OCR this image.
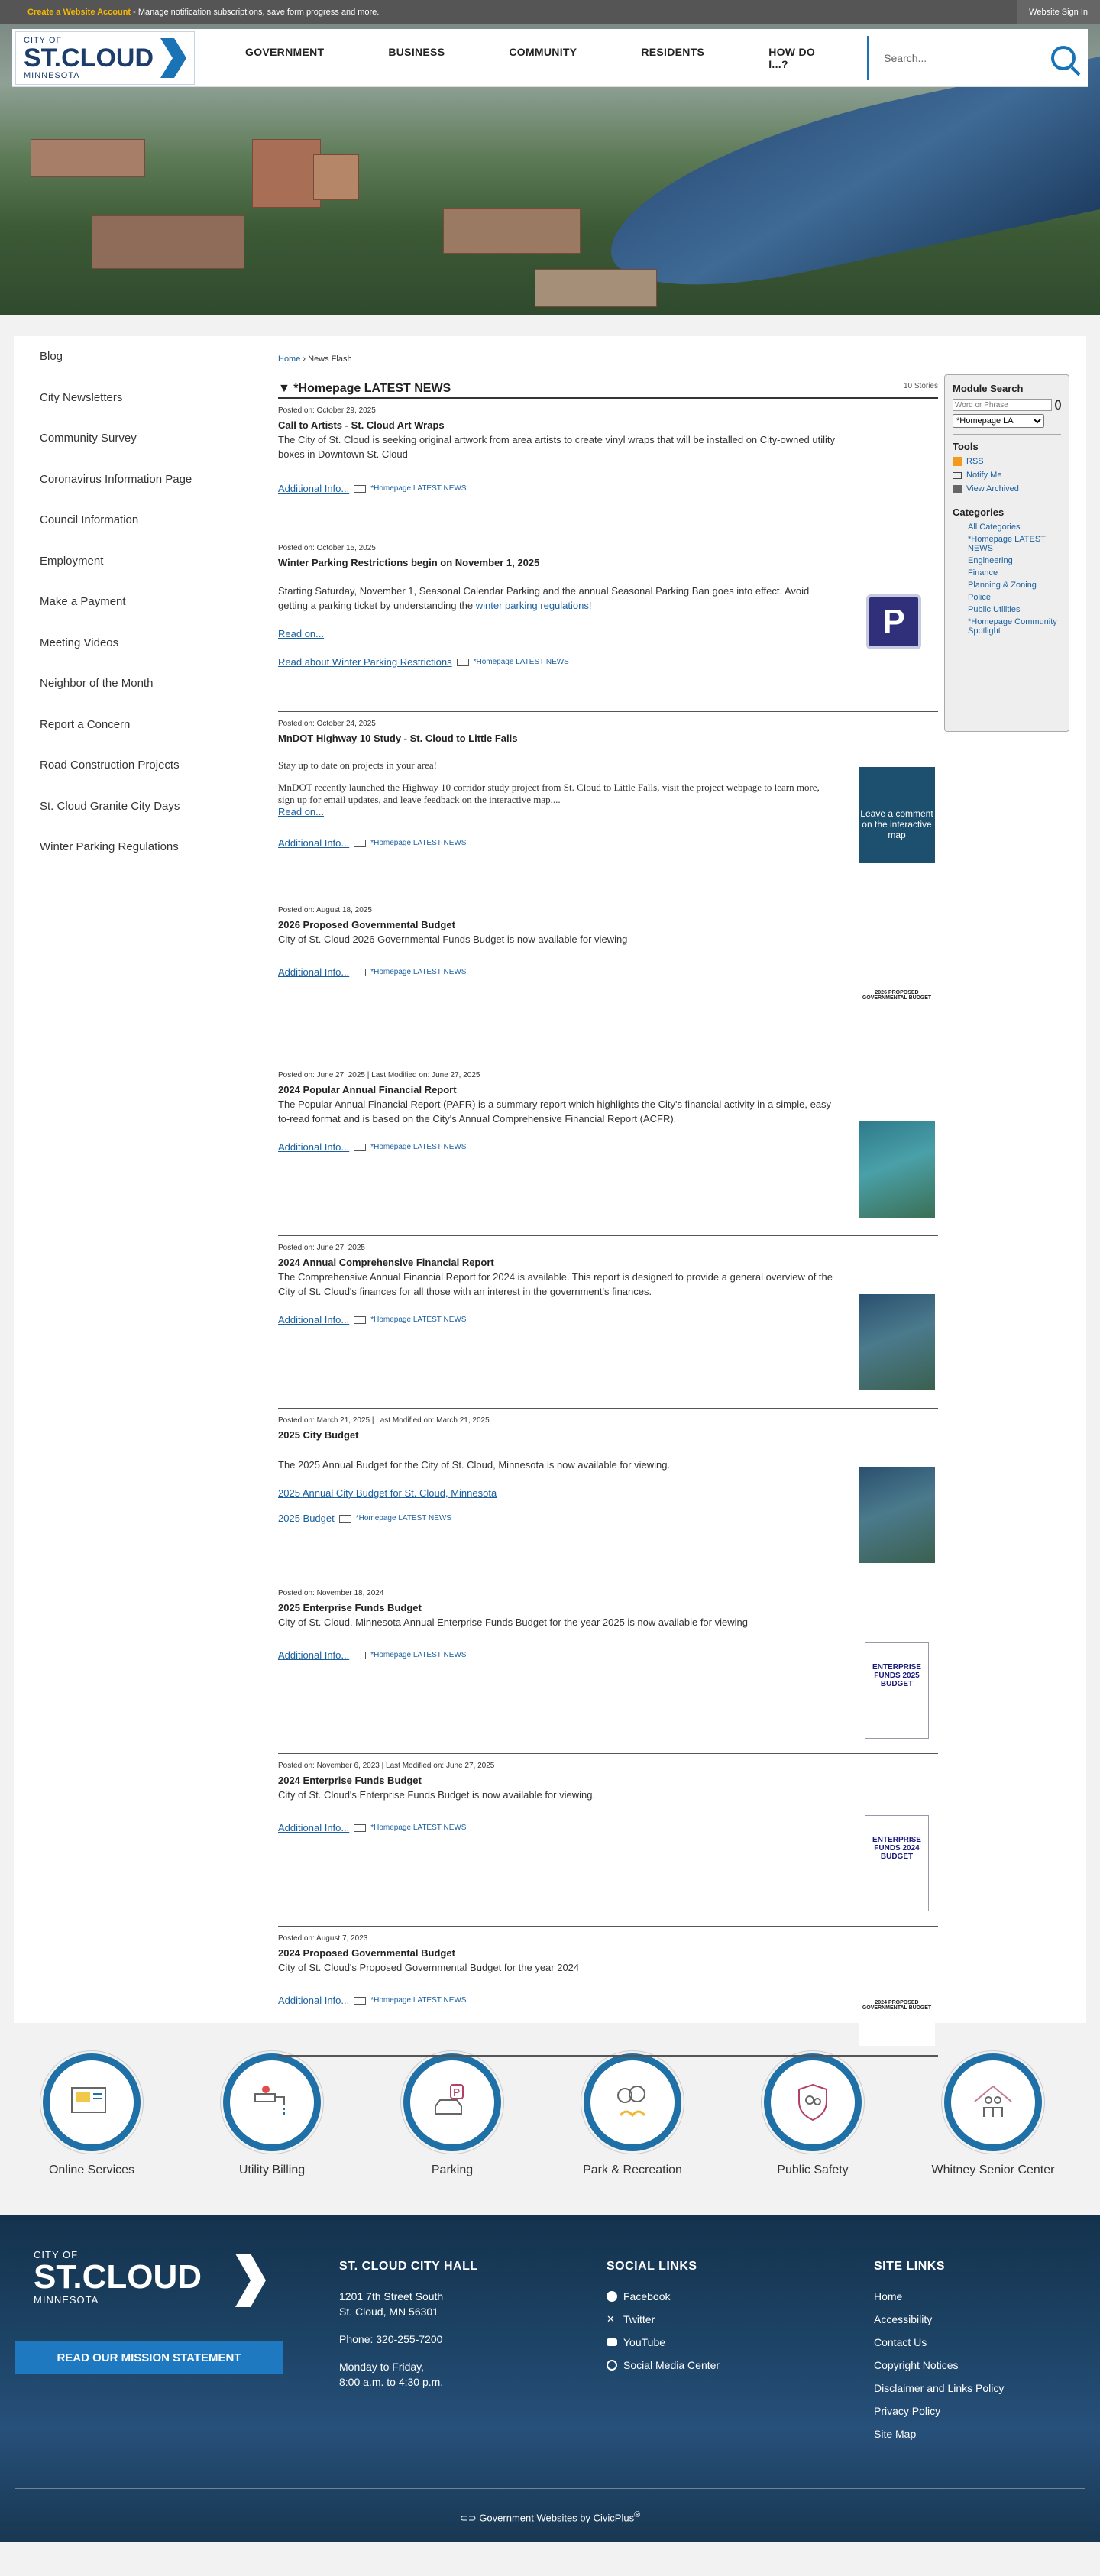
Create a Website Account - Manage notification subscriptions, save form progress and more.	Website Sign In
CITY OF
ST.CLOUD
MINNESOTA
GOVERNMENT	BUSINESS	COMMUNITY	RESIDENTS	HOW DO I...?	Search...
Blog
City Newsletters
Community Survey
Coronavirus Information Page
Council Information
Employment
Make a Payment
Meeting Videos
Neighbor of the Month
Report a Concern
Road Construction Projects
St. Cloud Granite City Days
Winter Parking Regulations
Home › News Flash
▼ *Homepage LATEST NEWS	10 Stories
Posted on: October 29, 2025
Call to Artists - St. Cloud Art Wraps
The City of St. Cloud is seeking original artwork from area artists to create vinyl wraps that will be installed on City-owned utility boxes in Downtown St. Cloud
Additional Info...	*Homepage LATEST NEWS
Posted on: October 15, 2025
Winter Parking Restrictions begin on November 1, 2025
Starting Saturday, November 1, Seasonal Calendar Parking and the annual Seasonal Parking Ban goes into effect. Avoid getting a parking ticket by understanding the winter parking regulations!
Read on...
Read about Winter Parking Restrictions	*Homepage LATEST NEWS
P
Posted on: October 24, 2025
MnDOT Highway 10 Study - St. Cloud to Little Falls
Stay up to date on projects in your area!
MnDOT recently launched the Highway 10 corridor study project from St. Cloud to Little Falls, visit the project webpage to learn more, sign up for email updates, and leave feedback on the interactive map....
Read on...
Additional Info...	*Homepage LATEST NEWS
Leave a comment on the interactive map
Posted on: August 18, 2025
2026 Proposed Governmental Budget
City of St. Cloud 2026 Governmental Funds Budget is now available for viewing
Additional Info...	*Homepage LATEST NEWS
2026 PROPOSED GOVERNMENTAL BUDGET
Posted on: June 27, 2025 | Last Modified on: June 27, 2025
2024 Popular Annual Financial Report
The Popular Annual Financial Report (PAFR) is a summary report which highlights the City's financial activity in a simple, easy-to-read format and is based on the City's Annual Comprehensive Financial Report (ACFR).
Additional Info...	*Homepage LATEST NEWS
Posted on: June 27, 2025
2024 Annual Comprehensive Financial Report
The Comprehensive Annual Financial Report for 2024 is available. This report is designed to provide a general overview of the City of St. Cloud's finances for all those with an interest in the government's finances.
Additional Info...	*Homepage LATEST NEWS
Posted on: March 21, 2025 | Last Modified on: March 21, 2025
2025 City Budget
The 2025 Annual Budget for the City of St. Cloud, Minnesota is now available for viewing.
2025 Annual City Budget for St. Cloud, Minnesota
2025 Budget	*Homepage LATEST NEWS
Posted on: November 18, 2024
2025 Enterprise Funds Budget
City of St. Cloud, Minnesota Annual Enterprise Funds Budget for the year 2025 is now available for viewing
Additional Info...	*Homepage LATEST NEWS
ENTERPRISE FUNDS 2025 BUDGET
Posted on: November 6, 2023 | Last Modified on: June 27, 2025
2024 Enterprise Funds Budget
City of St. Cloud's Enterprise Funds Budget is now available for viewing.
Additional Info...	*Homepage LATEST NEWS
ENTERPRISE FUNDS 2024 BUDGET
Posted on: August 7, 2023
2024 Proposed Governmental Budget
City of St. Cloud's Proposed Governmental Budget for the year 2024
Additional Info...	*Homepage LATEST NEWS	2024 PROPOSED GOVERNMENTAL BUDGET
Module Search
Word or Phrase
*Homepage LA
Tools
RSS
Notify Me
View Archived
Categories
All Categories
*Homepage LATEST NEWS
Engineering
Finance
Planning & Zoning
Police
Public Utilities
*Homepage Community Spotlight
Online Services	Utility Billing
P
Parking	Park & Recreation	Public Safety	Whitney Senior Center
CITY OF
ST.CLOUD
MINNESOTA
READ OUR MISSION STATEMENT
ST. CLOUD CITY HALL
1201 7th Street South
St. Cloud, MN 56301
Phone: 320-255-7200
Monday to Friday,
8:00 a.m. to 4:30 p.m.
SOCIAL LINKS
Facebook
✕ Twitter
YouTube
Social Media Center
SITE LINKS
Home
Accessibility
Contact Us
Copyright Notices
Disclaimer and Links Policy
Privacy Policy
Site Map
⊂⊃ Government Websites by CivicPlus®
